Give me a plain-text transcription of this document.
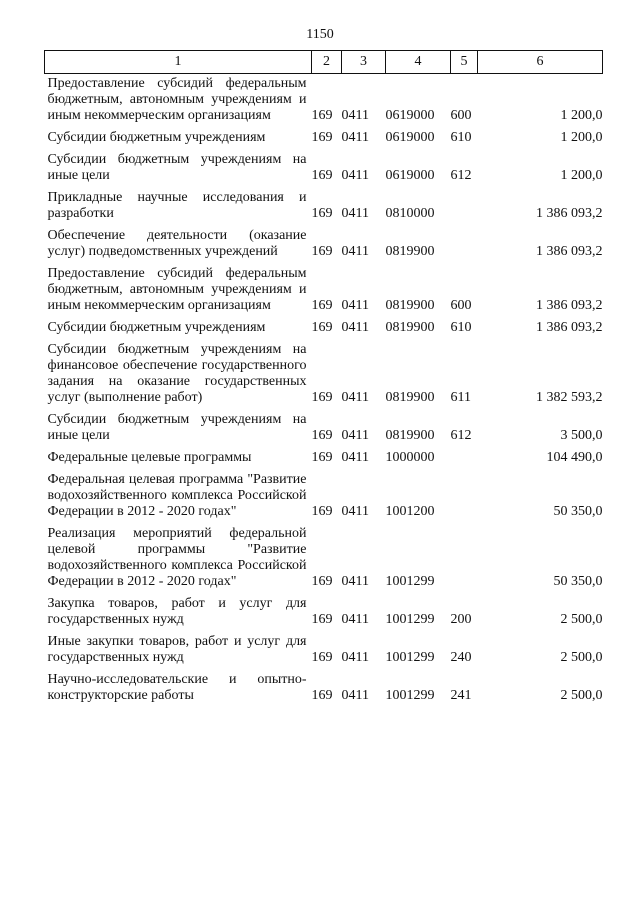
1150
1	2	3	4	5	6

Предоставление субсидий федеральным бюджетным, автономным учреждениям и иным некоммерческим организациям	169	0411	0619000	600	1 200,0

Субсидии бюджетным учреждениям	169	0411	0619000	610	1 200,0

Субсидии бюджетным учреждениям на иные цели	169	0411	0619000	612	1 200,0

Прикладные научные исследования и разработки	169	0411	0810000		1 386 093,2

Обеспечение деятельности (оказание услуг) подведомственных учреждений	169	0411	0819900		1 386 093,2

Предоставление субсидий федеральным бюджетным, автономным учреждениям и иным некоммерческим организациям	169	0411	0819900	600	1 386 093,2

Субсидии бюджетным учреждениям	169	0411	0819900	610	1 386 093,2

Субсидии бюджетным учреждениям на финансовое обеспечение государственного задания на оказание государственных услуг (выполнение работ)	169	0411	0819900	611	1 382 593,2

Субсидии бюджетным учреждениям на иные цели	169	0411	0819900	612	3 500,0

Федеральные целевые программы	169	0411	1000000		104 490,0

Федеральная целевая программа "Развитие водохозяйственного комплекса Российской Федерации в 2012 - 2020 годах"	169	0411	1001200		50 350,0

Реализация мероприятий федеральной целевой программы "Развитие водохозяйственного комплекса Российской Федерации в 2012 - 2020 годах"	169	0411	1001299		50 350,0

Закупка товаров, работ и услуг для государственных нужд	169	0411	1001299	200	2 500,0

Иные закупки товаров, работ и услуг для государственных нужд	169	0411	1001299	240	2 500,0

Научно-исследовательские и опытно-конструкторские работы	169	0411	1001299	241	2 500,0
